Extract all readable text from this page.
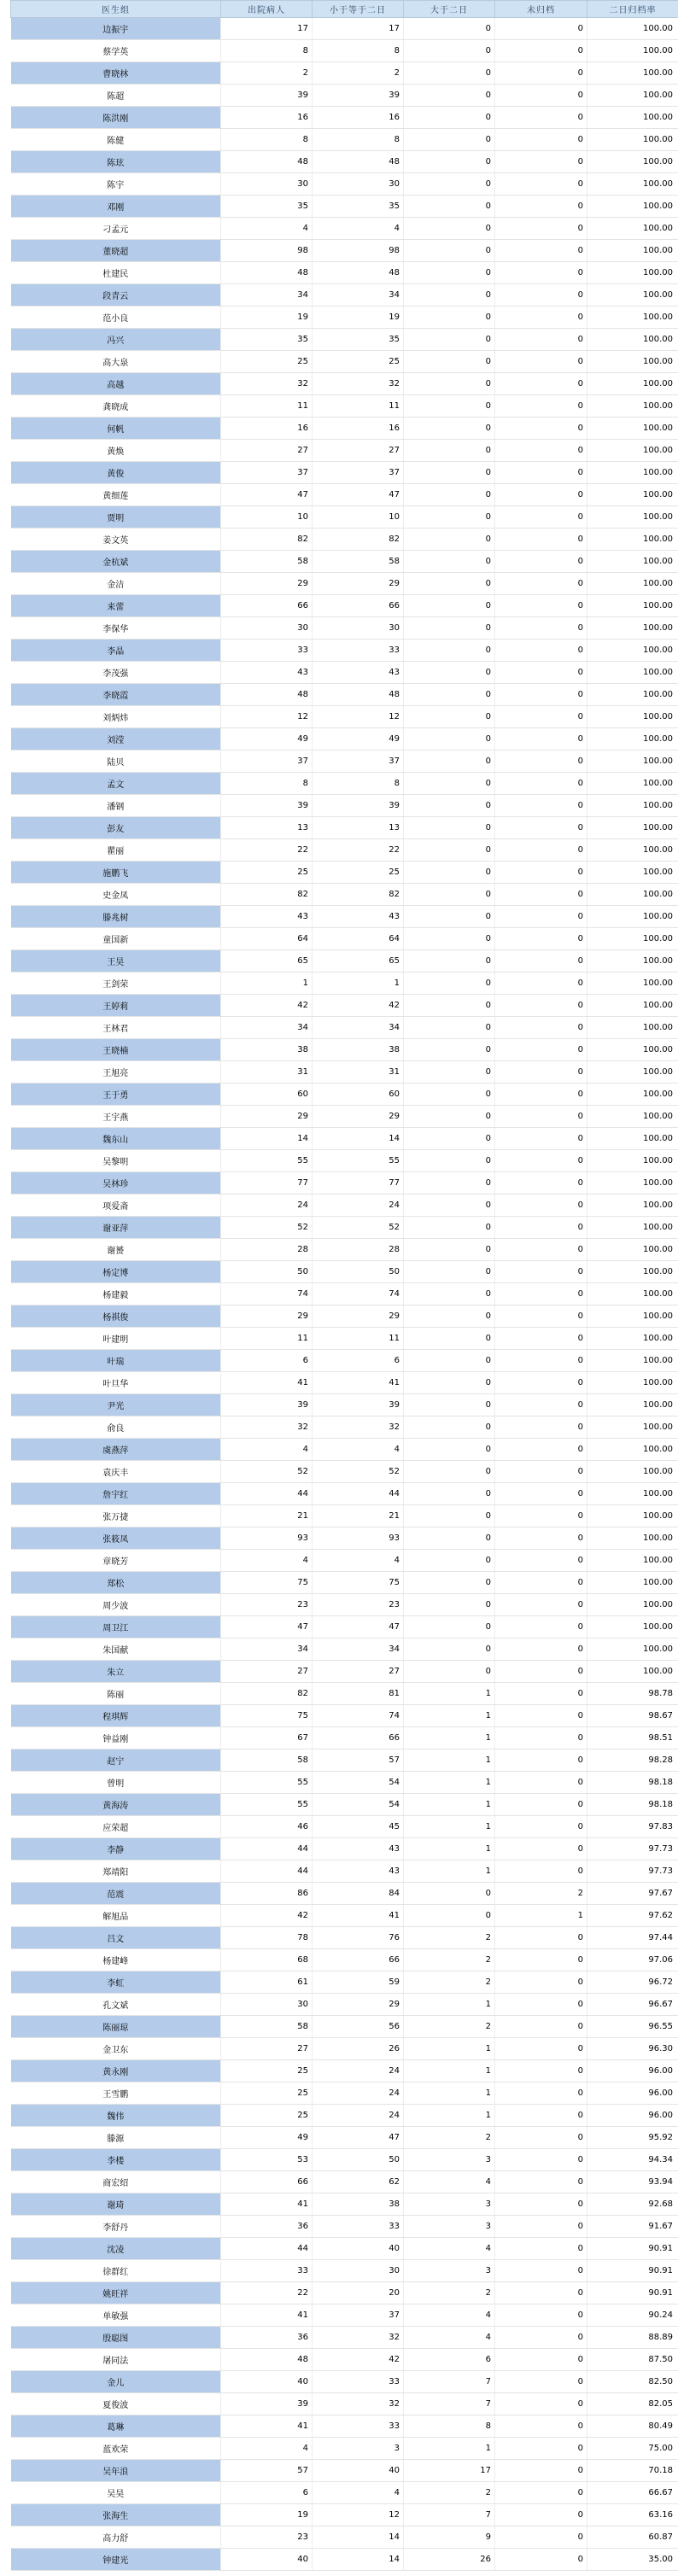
医生组	出院病人	小于等于二日	大于二日	未归档	二日归档率
边振宇	17	17	0	0	100.00
蔡学英	8	8	0	0	100.00
曹晓林	2	2	0	0	100.00
陈超	39	39	0	0	100.00
陈洪刚	16	16	0	0	100.00
陈健	8	8	0	0	100.00
陈玹	48	48	0	0	100.00
陈宇	30	30	0	0	100.00
邓刚	35	35	0	0	100.00
刁孟元	4	4	0	0	100.00
董晓超	98	98	0	0	100.00
杜建民	48	48	0	0	100.00
段青云	34	34	0	0	100.00
范小良	19	19	0	0	100.00
冯兴	35	35	0	0	100.00
高大泉	25	25	0	0	100.00
高越	32	32	0	0	100.00
龚晓成	11	11	0	0	100.00
何帆	16	16	0	0	100.00
黄焕	27	27	0	0	100.00
黄俊	37	37	0	0	100.00
黄细莲	47	47	0	0	100.00
贾明	10	10	0	0	100.00
姜文英	82	82	0	0	100.00
金杭斌	58	58	0	0	100.00
金洁	29	29	0	0	100.00
来蕾	66	66	0	0	100.00
李保华	30	30	0	0	100.00
李晶	33	33	0	0	100.00
李茂强	43	43	0	0	100.00
李晓霞	48	48	0	0	100.00
刘炳炜	12	12	0	0	100.00
刘滢	49	49	0	0	100.00
陆贝	37	37	0	0	100.00
孟文	8	8	0	0	100.00
潘钢	39	39	0	0	100.00
彭友	13	13	0	0	100.00
瞿丽	22	22	0	0	100.00
施鹏飞	25	25	0	0	100.00
史金凤	82	82	0	0	100.00
滕兆树	43	43	0	0	100.00
童国新	64	64	0	0	100.00
王昊	65	65	0	0	100.00
王剑荣	1	1	0	0	100.00
王婷莉	42	42	0	0	100.00
王林君	34	34	0	0	100.00
王晓楠	38	38	0	0	100.00
王旭亮	31	31	0	0	100.00
王于勇	60	60	0	0	100.00
王宇燕	29	29	0	0	100.00
魏东山	14	14	0	0	100.00
吴黎明	55	55	0	0	100.00
吴林珍	77	77	0	0	100.00
项爱斋	24	24	0	0	100.00
谢亚萍	52	52	0	0	100.00
谢赟	28	28	0	0	100.00
杨定博	50	50	0	0	100.00
杨建毅	74	74	0	0	100.00
杨祺俊	29	29	0	0	100.00
叶建明	11	11	0	0	100.00
叶瑞	6	6	0	0	100.00
叶旦华	41	41	0	0	100.00
尹光	39	39	0	0	100.00
俞良	32	32	0	0	100.00
虞燕萍	4	4	0	0	100.00
袁庆丰	52	52	0	0	100.00
詹宇红	44	44	0	0	100.00
张万捷	21	21	0	0	100.00
张筱凤	93	93	0	0	100.00
章晓芳	4	4	0	0	100.00
郑松	75	75	0	0	100.00
周少波	23	23	0	0	100.00
周卫江	47	47	0	0	100.00
朱国献	34	34	0	0	100.00
朱立	27	27	0	0	100.00
陈丽	82	81	1	0	98.78
程琪辉	75	74	1	0	98.67
钟益刚	67	66	1	0	98.51
赵宁	58	57	1	0	98.28
曾明	55	54	1	0	98.18
黄海涛	55	54	1	0	98.18
应荣超	46	45	1	0	97.83
李静	44	43	1	0	97.73
郑靖阳	44	43	1	0	97.73
范震	86	84	0	2	97.67
解旭品	42	41	0	1	97.62
吕文	78	76	2	0	97.44
杨建峰	68	66	2	0	97.06
李虹	61	59	2	0	96.72
孔文斌	30	29	1	0	96.67
陈丽琼	58	56	2	0	96.55
金卫东	27	26	1	0	96.30
黄永刚	25	24	1	0	96.00
王雪鹏	25	24	1	0	96.00
魏伟	25	24	1	0	96.00
滕源	49	47	2	0	95.92
李楼	53	50	3	0	94.34
商宏绍	66	62	4	0	93.94
谢琦	41	38	3	0	92.68
李舒丹	36	33	3	0	91.67
沈凌	44	40	4	0	90.91
徐群红	33	30	3	0	90.91
姚旺祥	22	20	2	0	90.91
单敏强	41	37	4	0	90.24
殷聪图	36	32	4	0	88.89
屠同法	48	42	6	0	87.50
金儿	40	33	7	0	82.50
夏俊波	39	32	7	0	82.05
葛琳	41	33	8	0	80.49
蓝欢荣	4	3	1	0	75.00
吴年浪	57	40	17	0	70.18
吴昊	6	4	2	0	66.67
张海生	19	12	7	0	63.16
高力舒	23	14	9	0	60.87
钟建光	40	14	26	0	35.00
